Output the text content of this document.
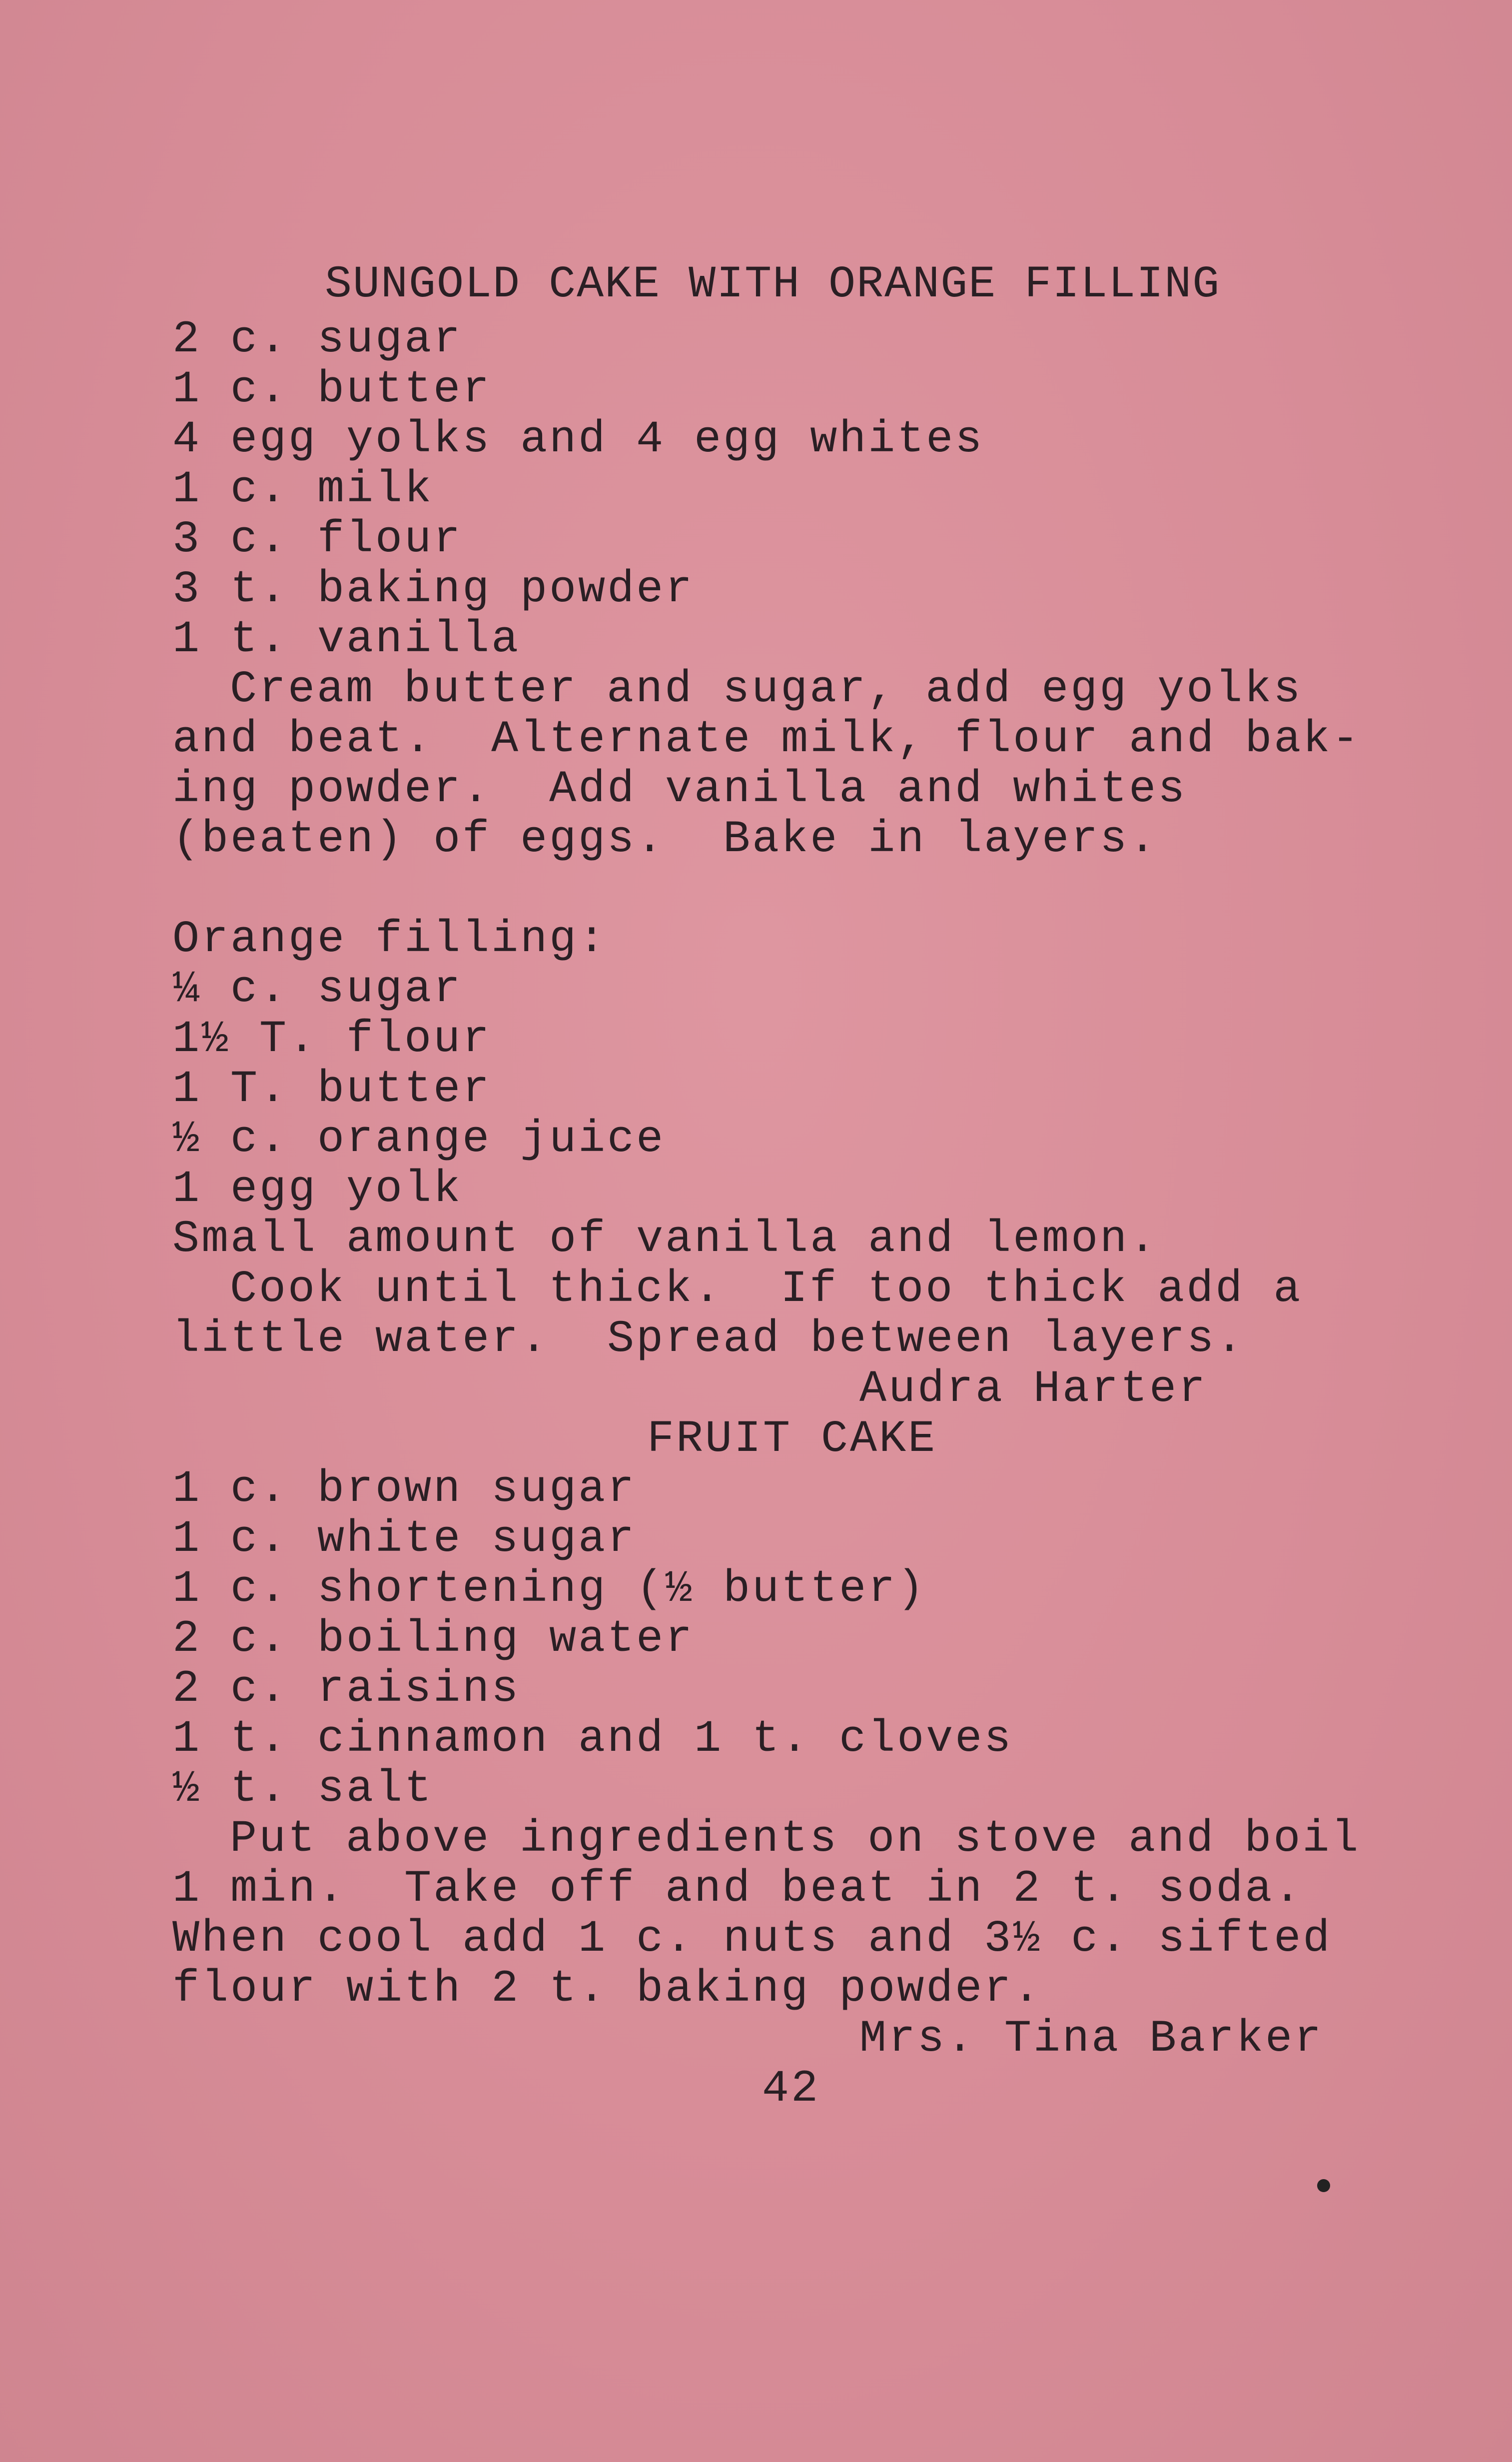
SUNGOLD CAKE WITH ORANGE FILLING

2 c. sugar

1 c. butter

4 egg yolks and 4 egg whites

1 c. milk

3 c. flour

3 t. baking powder

1 t. vanilla

Cream butter and sugar, add egg yolks

and beat.  Alternate milk, flour and bak-

ing powder.  Add vanilla and whites

(beaten) of eggs.  Bake in layers.

Orange filling:

¼ c. sugar

1½ T. flour

1 T. butter

½ c. orange juice

1 egg yolk

Small amount of vanilla and lemon.

Cook until thick.  If too thick add a

little water.  Spread between layers.

Audra Harter

FRUIT CAKE

1 c. brown sugar

1 c. white sugar

1 c. shortening (½ butter)

2 c. boiling water

2 c. raisins

1 t. cinnamon and 1 t. cloves

½ t. salt

Put above ingredients on stove and boil

1 min.  Take off and beat in 2 t. soda.

When cool add 1 c. nuts and 3½ c. sifted

flour with 2 t. baking powder.

Mrs. Tina Barker

42
